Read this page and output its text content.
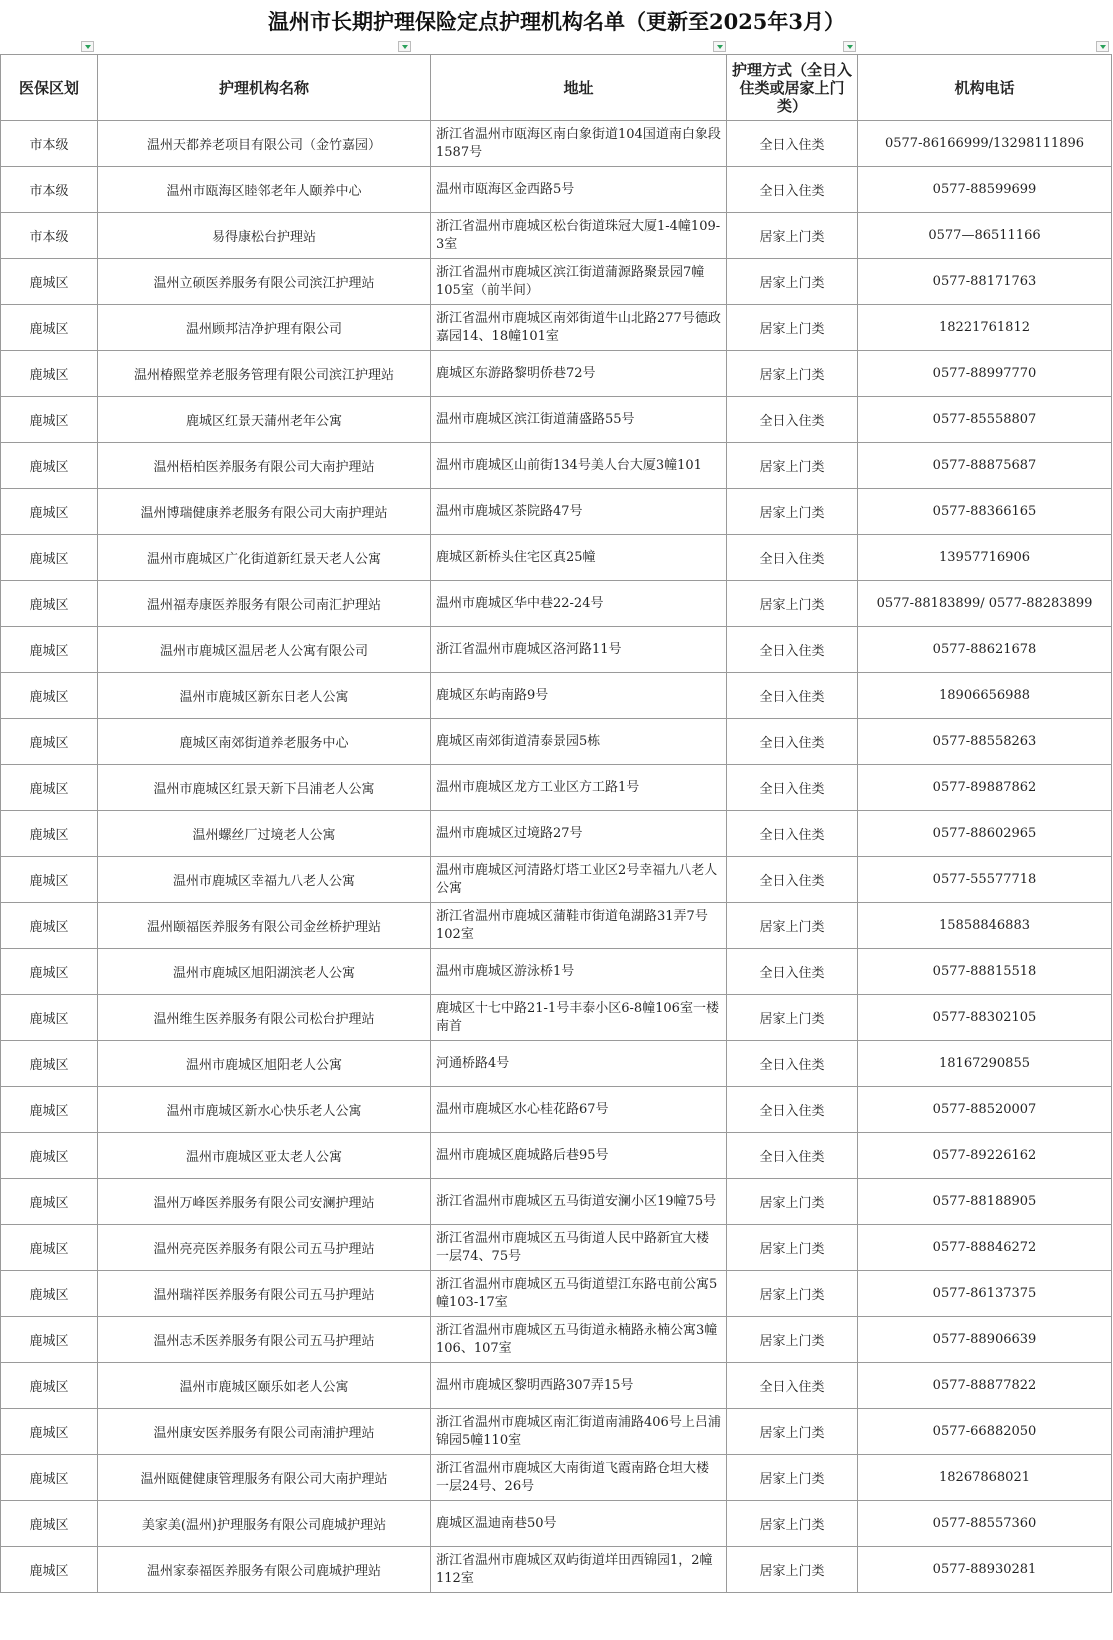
温州市长期护理保险定点护理机构名单（更新至2025年3月）
医保区划	护理机构名称	地址	护理方式（全日入住类或居家上门类）	机构电话
市本级	温州天都养老项目有限公司（金竹嘉园）	浙江省温州市瓯海区南白象街道104国道南白象段1587号	全日入住类	0577-86166999/13298111896
市本级	温州市瓯海区睦邻老年人颐养中心	温州市瓯海区金西路5号	全日入住类	0577-88599699
市本级	易得康松台护理站	浙江省温州市鹿城区松台街道珠冠大厦1-4幢109-3室	居家上门类	0577—86511166
鹿城区	温州立硕医养服务有限公司滨江护理站	浙江省温州市鹿城区滨江街道蒲源路聚景园7幢105室（前半间）	居家上门类	0577-88171763
鹿城区	温州顾邦洁净护理有限公司	浙江省温州市鹿城区南郊街道牛山北路277号德政嘉园14、18幢101室	居家上门类	18221761812
鹿城区	温州椿熙堂养老服务管理有限公司滨江护理站	鹿城区东游路黎明侨巷72号	居家上门类	0577-88997770
鹿城区	鹿城区红景天蒲州老年公寓	温州市鹿城区滨江街道蒲盛路55号	全日入住类	0577-85558807
鹿城区	温州梧柏医养服务有限公司大南护理站	温州市鹿城区山前街134号美人台大厦3幢101	居家上门类	0577-88875687
鹿城区	温州博瑞健康养老服务有限公司大南护理站	温州市鹿城区茶院路47号	居家上门类	0577-88366165
鹿城区	温州市鹿城区广化街道新红景天老人公寓	鹿城区新桥头住宅区真25幢	全日入住类	13957716906
鹿城区	温州福寿康医养服务有限公司南汇护理站	温州市鹿城区华中巷22-24号	居家上门类	0577-88183899/ 0577-88283899
鹿城区	温州市鹿城区温居老人公寓有限公司	浙江省温州市鹿城区洛河路11号	全日入住类	0577-88621678
鹿城区	温州市鹿城区新东日老人公寓	鹿城区东屿南路9号	全日入住类	18906656988
鹿城区	鹿城区南郊街道养老服务中心	鹿城区南郊街道清泰景园5栋	全日入住类	0577-88558263
鹿城区	温州市鹿城区红景天新下吕浦老人公寓	温州市鹿城区龙方工业区方工路1号	全日入住类	0577-89887862
鹿城区	温州螺丝厂过境老人公寓	温州市鹿城区过境路27号	全日入住类	0577-88602965
鹿城区	温州市鹿城区幸福九八老人公寓	温州市鹿城区河清路灯塔工业区2号幸福九八老人公寓	全日入住类	0577-55577718
鹿城区	温州颐福医养服务有限公司金丝桥护理站	浙江省温州市鹿城区蒲鞋市街道龟湖路31弄7号102室	居家上门类	15858846883
鹿城区	温州市鹿城区旭阳湖滨老人公寓	温州市鹿城区游泳桥1号	全日入住类	0577-88815518
鹿城区	温州维生医养服务有限公司松台护理站	鹿城区十七中路21-1号丰泰小区6-8幢106室一楼南首	居家上门类	0577-88302105
鹿城区	温州市鹿城区旭阳老人公寓	河通桥路4号	全日入住类	18167290855
鹿城区	温州市鹿城区新水心快乐老人公寓	温州市鹿城区水心桂花路67号	全日入住类	0577-88520007
鹿城区	温州市鹿城区亚太老人公寓	温州市鹿城区鹿城路后巷95号	全日入住类	0577-89226162
鹿城区	温州万峰医养服务有限公司安澜护理站	浙江省温州市鹿城区五马街道安澜小区19幢75号	居家上门类	0577-88188905
鹿城区	温州亮亮医养服务有限公司五马护理站	浙江省温州市鹿城区五马街道人民中路新宜大楼一层74、75号	居家上门类	0577-88846272
鹿城区	温州瑞祥医养服务有限公司五马护理站	浙江省温州市鹿城区五马街道望江东路屯前公寓5幢103-17室	居家上门类	0577-86137375
鹿城区	温州志禾医养服务有限公司五马护理站	浙江省温州市鹿城区五马街道永楠路永楠公寓3幢106、107室	居家上门类	0577-88906639
鹿城区	温州市鹿城区颐乐如老人公寓	温州市鹿城区黎明西路307弄15号	全日入住类	0577-88877822
鹿城区	温州康安医养服务有限公司南浦护理站	浙江省温州市鹿城区南汇街道南浦路406号上吕浦锦园5幢110室	居家上门类	0577-66882050
鹿城区	温州瓯健健康管理服务有限公司大南护理站	浙江省温州市鹿城区大南街道飞霞南路仓坦大楼一层24号、26号	居家上门类	18267868021
鹿城区	美家美(温州)护理服务有限公司鹿城护理站	鹿城区温迪南巷50号	居家上门类	0577-88557360
鹿城区	温州家泰福医养服务有限公司鹿城护理站	浙江省温州市鹿城区双屿街道垟田西锦园1，2幢112室	居家上门类	0577-88930281
